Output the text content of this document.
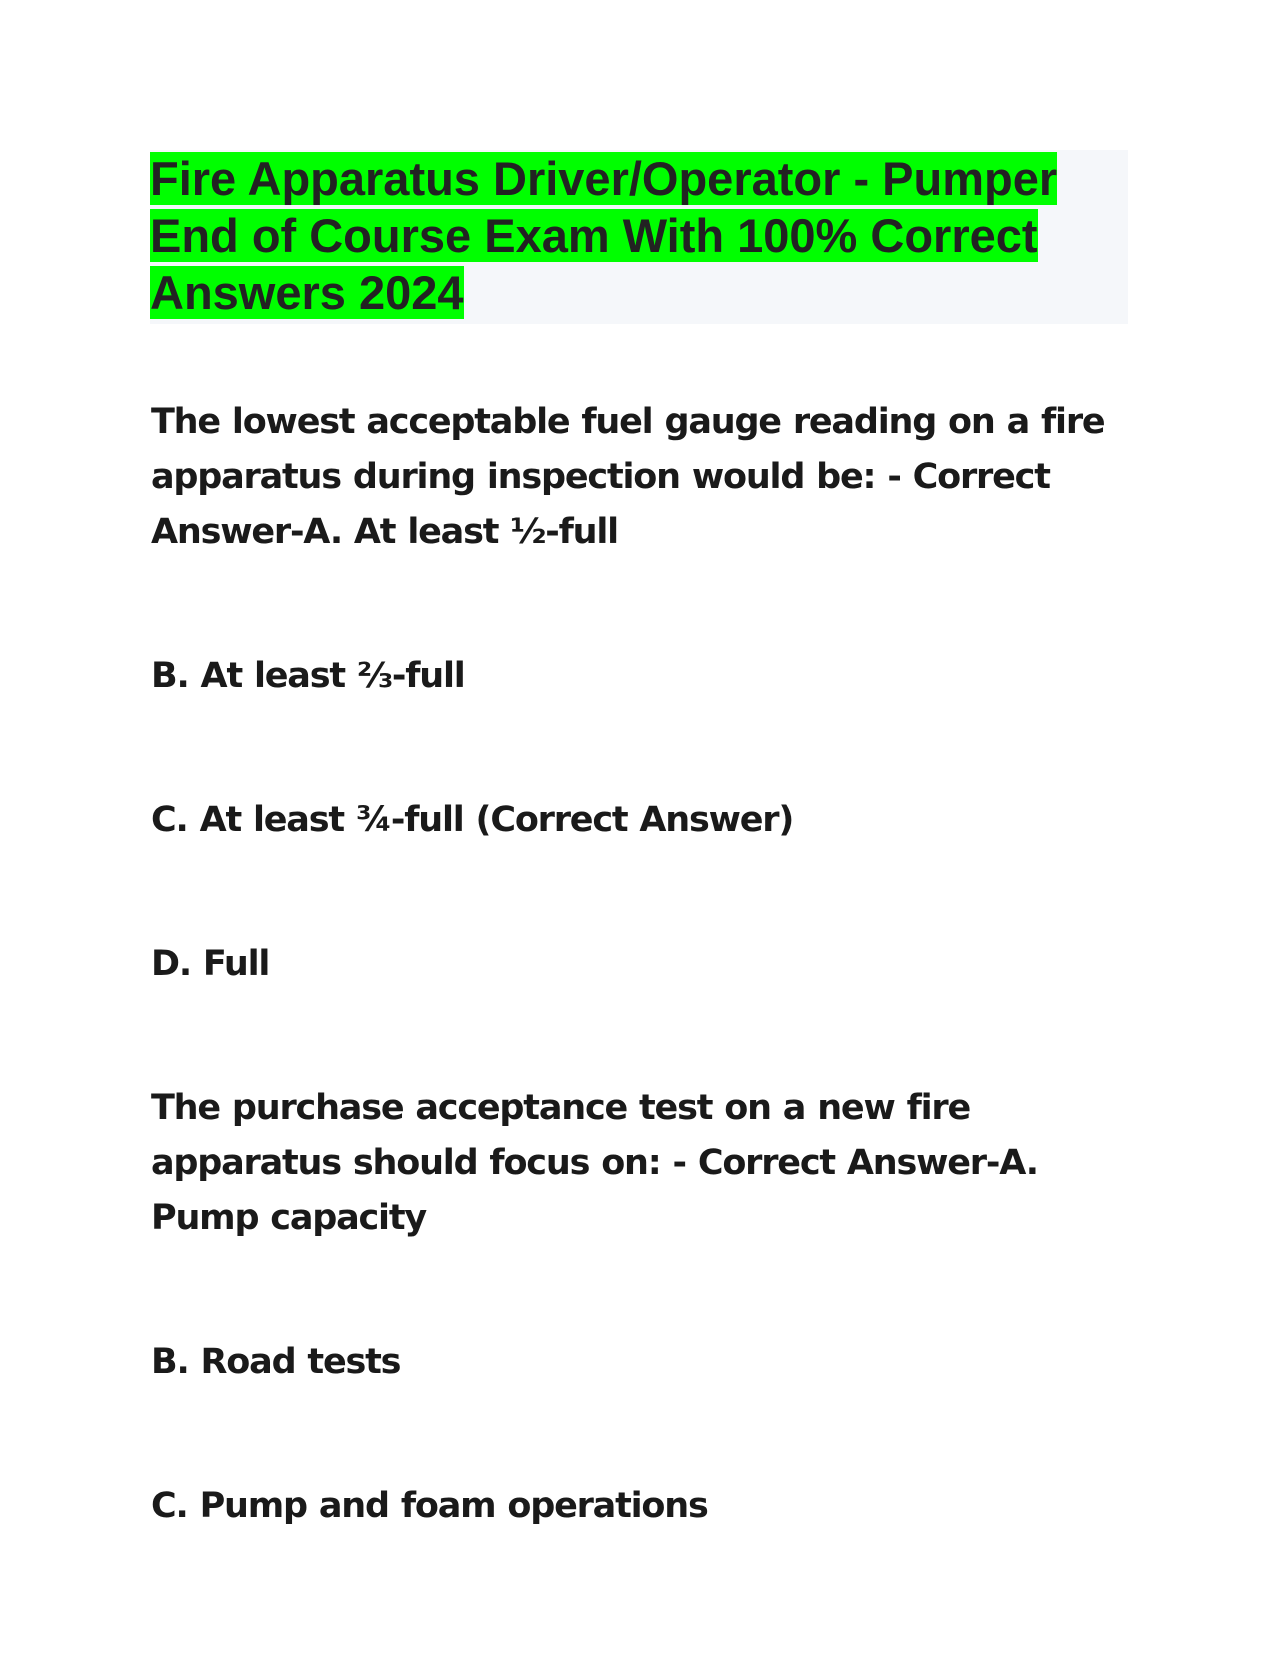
Fire Apparatus Driver/Operator - Pumper End of Course Exam With 100% Correct Answers 2024

The lowest acceptable fuel gauge reading on a fire apparatus during inspection would be: - Correct Answer-A. At least ½-full

B. At least ⅔-full

C. At least ¾-full (Correct Answer)

D. Full

The purchase acceptance test on a new fire apparatus should focus on: - Correct Answer-A. Pump capacity

B. Road tests

C. Pump and foam operations
